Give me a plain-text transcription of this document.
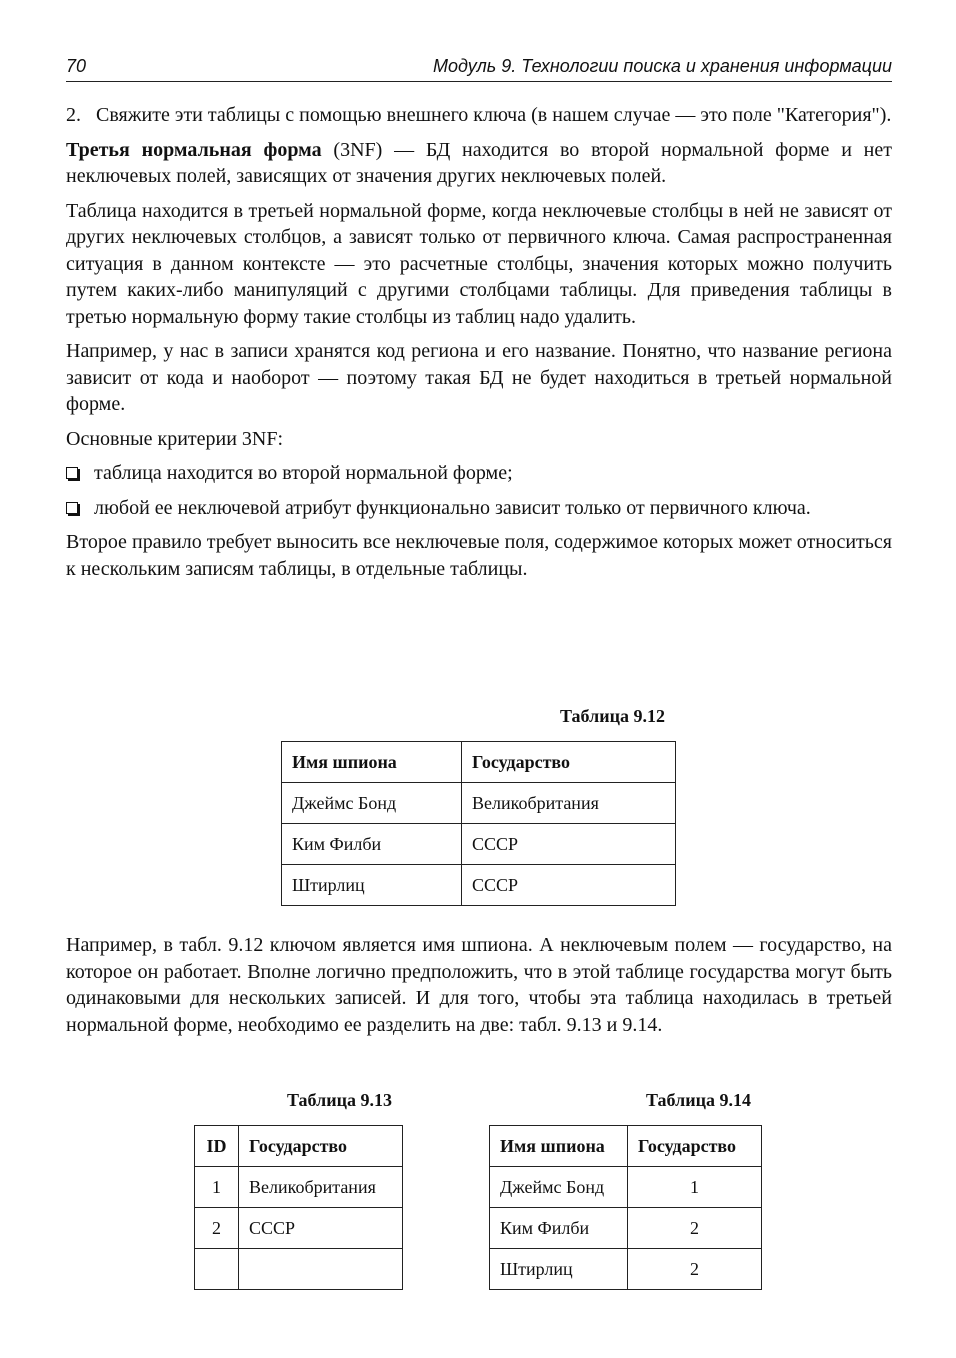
70	Модуль 9. Технологии поиска и хранения информации

2. Свяжите эти таблицы с помощью внешнего ключа (в нашем случае — это поле "Категория").

Третья нормальная форма (3NF) — БД находится во второй нормальной форме и нет неключевых полей, зависящих от значения других неключевых полей.

Таблица находится в третьей нормальной форме, когда неключевые столбцы в ней не зависят от других неключевых столбцов, а зависят только от первичного ключа. Самая распространенная ситуация в данном контексте — это расчетные столбцы, значения которых можно получить путем каких-либо манипуляций с другими столбцами таблицы. Для приведения таблицы в третью нормальную форму такие столбцы из таблиц надо удалить.

Например, у нас в записи хранятся код региона и его название. Понятно, что название региона зависит от кода и наоборот — поэтому такая БД не будет находиться в третьей нормальной форме.

Основные критерии 3NF:

таблица находится во второй нормальной форме;
любой ее неключевой атрибут функционально зависит только от первичного ключа.

Второе правило требует выносить все неключевые поля, содержимое которых может относиться к нескольким записям таблицы, в отдельные таблицы.

Таблица 9.12
Имя шпиона	Государство
Джеймс Бонд	Великобритания
Ким Филби	СССР
Штирлиц	СССР

Например, в табл. 9.12 ключом является имя шпиона. А неключевым полем — государство, на которое он работает. Вполне логично предположить, что в этой таблице государства могут быть одинаковыми для нескольких записей. И для того, чтобы эта таблица находилась в третьей нормальной форме, необходимо ее разделить на две: табл. 9.13 и 9.14.

Таблица 9.13
ID	Государство
1	Великобритания
2	СССР

Таблица 9.14
Имя шпиона	Государство
Джеймс Бонд	1
Ким Филби	2
Штирлиц	2
